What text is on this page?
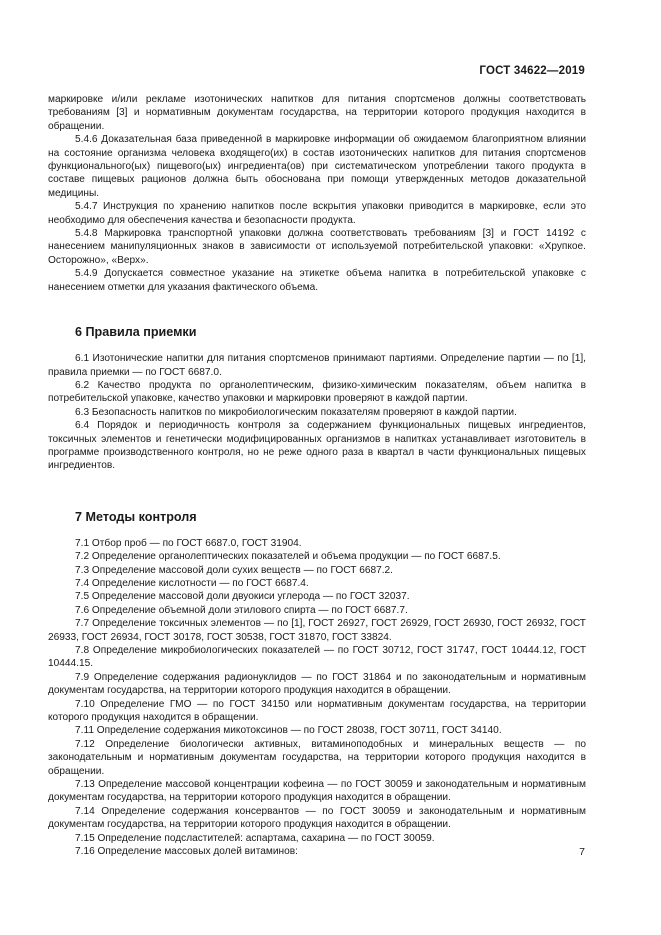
ГОСТ 34622—2019

маркировке и/или рекламе изотонических напитков для питания спортсменов должны соответствовать требованиям [3] и нормативным документам государства, на территории которого продукция находится в обращении.

5.4.6 Доказательная база приведенной в маркировке информации об ожидаемом благоприятном влиянии на состояние организма человека входящего(их) в состав изотонических напитков для питания спортсменов функционального(ых) пищевого(ых) ингредиента(ов) при систематическом употреблении такого продукта в составе пищевых рационов должна быть обоснована при помощи утвержденных методов доказательной медицины.

5.4.7 Инструкция по хранению напитков после вскрытия упаковки приводится в маркировке, если это необходимо для обеспечения качества и безопасности продукта.

5.4.8 Маркировка транспортной упаковки должна соответствовать требованиям [3] и ГОСТ 14192 с нанесением манипуляционных знаков в зависимости от используемой потребительской упаковки: «Хрупкое. Осторожно», «Верх».

5.4.9 Допускается совместное указание на этикетке объема напитка в потребительской упаковке с нанесением отметки для указания фактического объема.

6 Правила приемки

6.1 Изотонические напитки для питания спортсменов принимают партиями. Определение партии — по [1], правила приемки — по ГОСТ 6687.0.

6.2 Качество продукта по органолептическим, физико-химическим показателям, объем напитка в потребительской упаковке, качество упаковки и маркировки проверяют в каждой партии.

6.3 Безопасность напитков по микробиологическим показателям проверяют в каждой партии.

6.4 Порядок и периодичность контроля за содержанием функциональных пищевых ингредиентов, токсичных элементов и генетически модифицированных организмов в напитках устанавливает изготовитель в программе производственного контроля, но не реже одного раза в квартал в части функциональных пищевых ингредиентов.

7 Методы контроля

7.1 Отбор проб — по ГОСТ 6687.0, ГОСТ 31904.

7.2 Определение органолептических показателей и объема продукции — по ГОСТ 6687.5.

7.3 Определение массовой доли сухих веществ — по ГОСТ 6687.2.

7.4 Определение кислотности — по ГОСТ 6687.4.

7.5 Определение массовой доли двуокиси углерода — по ГОСТ 32037.

7.6 Определение объемной доли этилового спирта — по ГОСТ 6687.7.

7.7 Определение токсичных элементов — по [1], ГОСТ 26927, ГОСТ 26929, ГОСТ 26930, ГОСТ 26932, ГОСТ 26933, ГОСТ 26934, ГОСТ 30178, ГОСТ 30538, ГОСТ 31870, ГОСТ 33824.

7.8 Определение микробиологических показателей — по ГОСТ 30712, ГОСТ 31747, ГОСТ 10444.12, ГОСТ 10444.15.

7.9 Определение содержания радионуклидов — по ГОСТ 31864 и по законодательным и нормативным документам государства, на территории которого продукция находится в обращении.

7.10 Определение ГМО — по ГОСТ 34150 или нормативным документам государства, на территории которого продукция находится в обращении.

7.11 Определение содержания микотоксинов — по ГОСТ 28038, ГОСТ 30711, ГОСТ 34140.

7.12 Определение биологически активных, витаминоподобных и минеральных веществ — по законодательным и нормативным документам государства, на территории которого продукция находится в обращении.

7.13 Определение массовой концентрации кофеина — по ГОСТ 30059 и законодательным и нормативным документам государства, на территории которого продукция находится в обращении.

7.14 Определение содержания консервантов — по ГОСТ 30059 и законодательным и нормативным документам государства, на территории которого продукция находится в обращении.

7.15 Определение подсластителей: аспартама, сахарина — по ГОСТ 30059.

7.16 Определение массовых долей витаминов:	7
